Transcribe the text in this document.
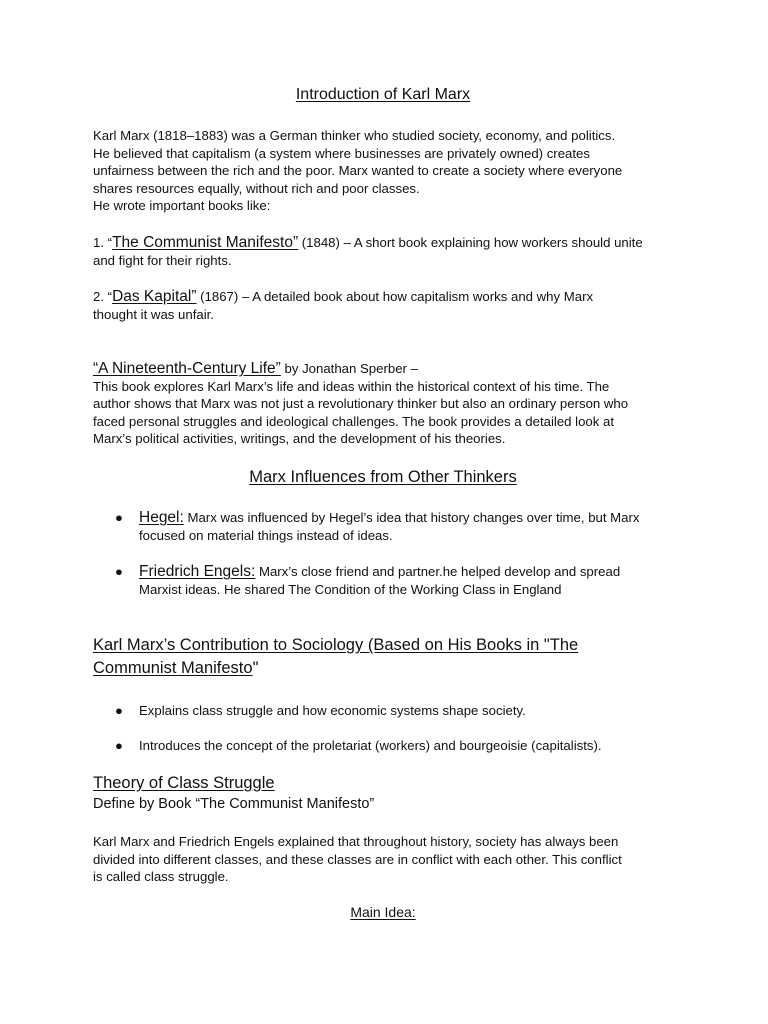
Introduction of Karl Marx

Karl Marx (1818–1883) was a German thinker who studied society, economy, and politics.
He believed that capitalism (a system where businesses are privately owned) creates
unfairness between the rich and the poor. Marx wanted to create a society where everyone
shares resources equally, without rich and poor classes.
He wrote important books like:

1. “The Communist Manifesto” (1848) – A short book explaining how workers should unite
and fight for their rights.

2. “Das Kapital” (1867) – A detailed book about how capitalism works and why Marx
thought it was unfair.

“A Nineteenth-Century Life” by Jonathan Sperber –
This book explores Karl Marx’s life and ideas within the historical context of his time. The
author shows that Marx was not just a revolutionary thinker but also an ordinary person who
faced personal struggles and ideological challenges. The book provides a detailed look at
Marx’s political activities, writings, and the development of his theories.

Marx Influences from Other Thinkers
● Hegel: Marx was influenced by Hegel’s idea that history changes over time, but Marx
focused on material things instead of ideas.
● Friedrich Engels: Marx’s close friend and partner.he helped develop and spread
Marxist ideas. He shared The Condition of the Working Class in England

Karl Marx’s Contribution to Sociology (Based on His Books in "The
Communist Manifesto"

● Explains class struggle and how economic systems shape society.
● Introduces the concept of the proletariat (workers) and bourgeoisie (capitalists).

Theory of Class Struggle

Define by Book “The Communist Manifesto”

Karl Marx and Friedrich Engels explained that throughout history, society has always been
divided into different classes, and these classes are in conflict with each other. This conflict
is called class struggle.

Main Idea:
